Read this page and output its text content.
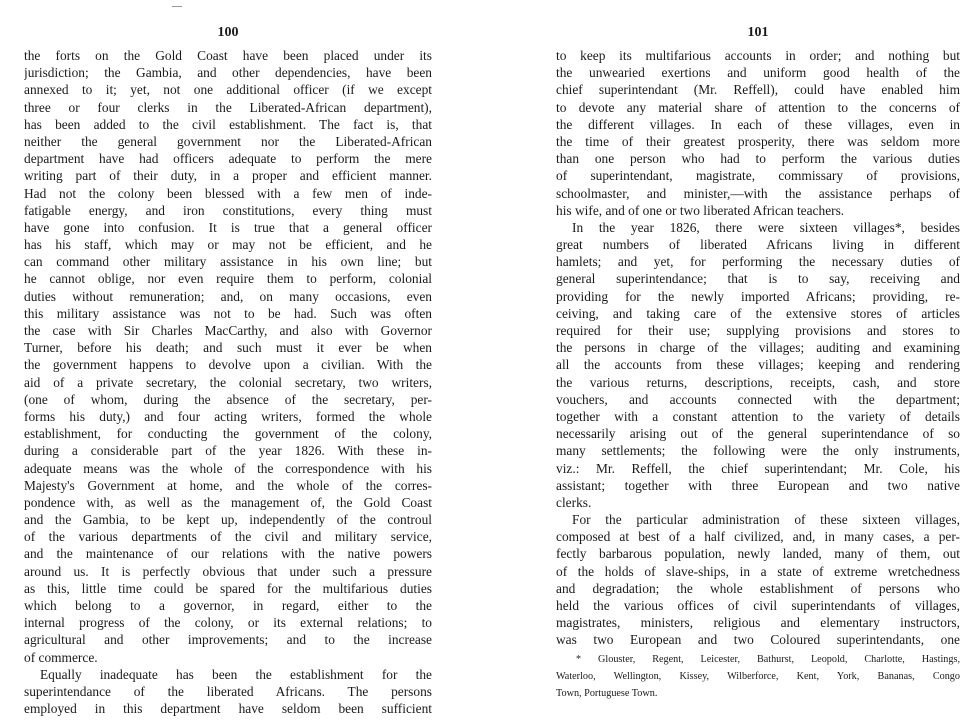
100
the forts on the Gold Coast have been placed under its
jurisdiction; the Gambia, and other dependencies, have been
annexed to it; yet, not one additional officer (if we except
three or four clerks in the Liberated-African department),
has been added to the civil establishment. The fact is, that
neither the general government nor the Liberated-African
department have had officers adequate to perform the mere
writing part of their duty, in a proper and efficient manner.
Had not the colony been blessed with a few men of inde-
fatigable energy, and iron constitutions, every thing must
have gone into confusion. It is true that a general officer
has his staff, which may or may not be efficient, and he
can command other military assistance in his own line; but
he cannot oblige, nor even require them to perform, colonial
duties without remuneration; and, on many occasions, even
this military assistance was not to be had. Such was often
the case with Sir Charles MacCarthy, and also with Governor
Turner, before his death; and such must it ever be when
the government happens to devolve upon a civilian. With the
aid of a private secretary, the colonial secretary, two writers,
(one of whom, during the absence of the secretary, per-
forms his duty,) and four acting writers, formed the whole
establishment, for conducting the government of the colony,
during a considerable part of the year 1826. With these in-
adequate means was the whole of the correspondence with his
Majesty's Government at home, and the whole of the corres-
pondence with, as well as the management of, the Gold Coast
and the Gambia, to be kept up, independently of the controul
of the various departments of the civil and military service,
and the maintenance of our relations with the native powers
around us. It is perfectly obvious that under such a pressure
as this, little time could be spared for the multifarious duties
which belong to a governor, in regard, either to the
internal progress of the colony, or its external relations; to
agricultural and other improvements; and to the increase
of commerce.
Equally inadequate has been the establishment for the
superintendance of the liberated Africans. The persons
employed in this department have seldom been sufficient
101
to keep its multifarious accounts in order; and nothing but
the unwearied exertions and uniform good health of the
chief superintendant (Mr. Reffell), could have enabled him
to devote any material share of attention to the concerns of
the different villages. In each of these villages, even in
the time of their greatest prosperity, there was seldom more
than one person who had to perform the various duties
of superintendant, magistrate, commissary of provisions,
schoolmaster, and minister,—with the assistance perhaps of
his wife, and of one or two liberated African teachers.
In the year 1826, there were sixteen villages*, besides
great numbers of liberated Africans living in different
hamlets; and yet, for performing the necessary duties of
general superintendance; that is to say, receiving and
providing for the newly imported Africans; providing, re-
ceiving, and taking care of the extensive stores of articles
required for their use; supplying provisions and stores to
the persons in charge of the villages; auditing and examining
all the accounts from these villages; keeping and rendering
the various returns, descriptions, receipts, cash, and store
vouchers, and accounts connected with the department;
together with a constant attention to the variety of details
necessarily arising out of the general superintendance of so
many settlements; the following were the only instruments,
viz.: Mr. Reffell, the chief superintendant; Mr. Cole, his
assistant; together with three European and two native
clerks.
For the particular administration of these sixteen villages,
composed at best of a half civilized, and, in many cases, a per-
fectly barbarous population, newly landed, many of them, out
of the holds of slave-ships, in a state of extreme wretchedness
and degradation; the whole establishment of persons who
held the various offices of civil superintendants of villages,
magistrates, ministers, religious and elementary instructors,
was two European and two Coloured superintendants, one
* Glouster, Regent, Leicester, Bathurst, Leopold, Charlotte, Hastings,
Waterloo, Wellington, Kissey, Wilberforce, Kent, York, Bananas, Congo
Town, Portuguese Town.
